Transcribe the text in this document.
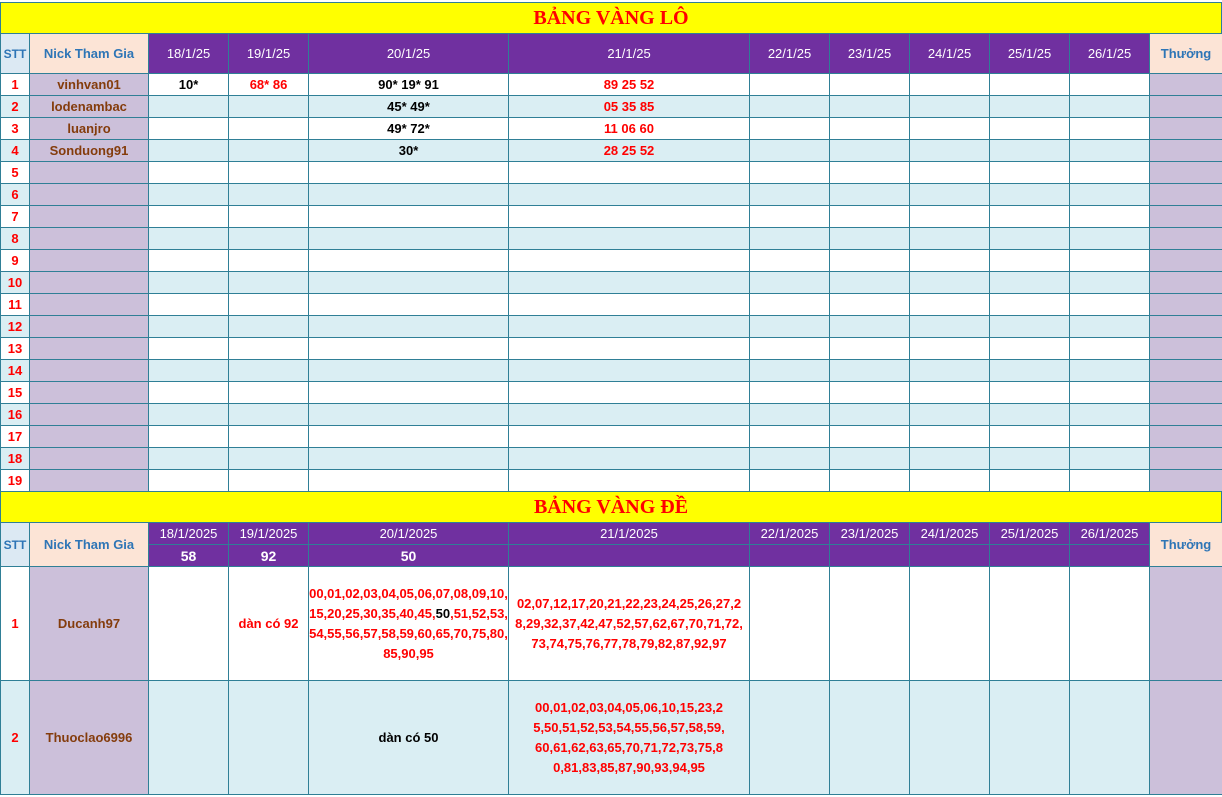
BẢNG VÀNG LÔ
STT	Nick Tham Gia	18/1/25	19/1/25	20/1/25	21/1/25	22/1/25	23/1/25	24/1/25	25/1/25	26/1/25	Thưởng
1	vinhvan01	10*	68* 86	90* 19* 91	89 25 52						
2	lodenambac			45* 49*	05 35 85						
3	luanjro			49* 72*	11 06 60						
4	Sonduong91			30*	28 25 52						
5											
6											
7											
8											
9											
10											
11											
12											
13											
14											
15											
16											
17											
18											
19											
BẢNG VÀNG ĐỀ
STT	Nick Tham Gia	18/1/2025	19/1/2025	20/1/2025	21/1/2025	22/1/2025	23/1/2025	24/1/2025	25/1/2025	26/1/2025	Thưởng
		58	92	50							
1	Ducanh97		dàn có 92	00,01,02,03,04,05,06,07,08,09,10,15,20,25,30,35,40,45,50,51,52,53,54,55,56,57,58,59,60,65,70,75,80,85,90,95	02,07,12,17,20,21,22,23,24,25,26,27,28,29,32,37,42,47,52,57,62,67,70,71,72,73,74,75,76,77,78,79,82,87,92,97						
2	Thuoclao6996			dàn có 50	00,01,02,03,04,05,06,10,15,23,25,50,51,52,53,54,55,56,57,58,59,60,61,62,63,65,70,71,72,73,75,80,81,83,85,87,90,93,94,95						
